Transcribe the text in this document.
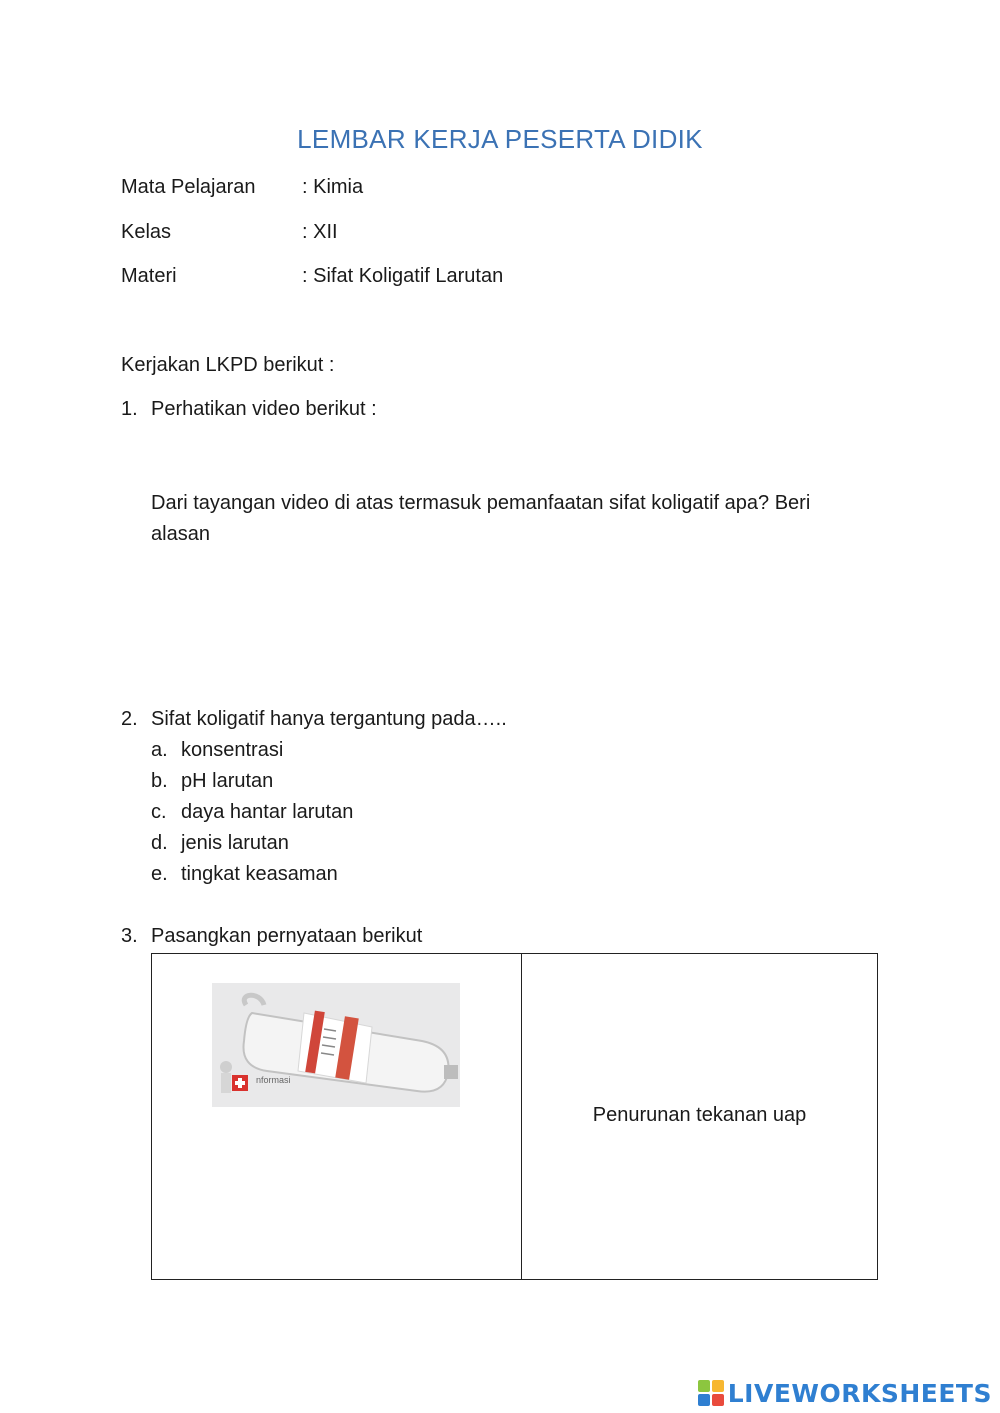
LEMBAR KERJA PESERTA DIDIK
Mata Pelajaran : Kimia
Kelas	: XII
Materi	: Sifat Koligatif Larutan
Kerjakan LKPD berikut :
1. Perhatikan video berikut :
Dari tayangan video di atas termasuk pemanfaatan sifat koligatif apa? Beri alasan
2. Sifat koligatif hanya tergantung pada…..
a. konsentrasi
b. pH larutan
c. daya hantar larutan
d. jenis larutan
e. tingkat keasaman
3. Pasangkan pernyataan berikut
nformasi

Penurunan tekanan uap
LIVEWORKSHEETS
